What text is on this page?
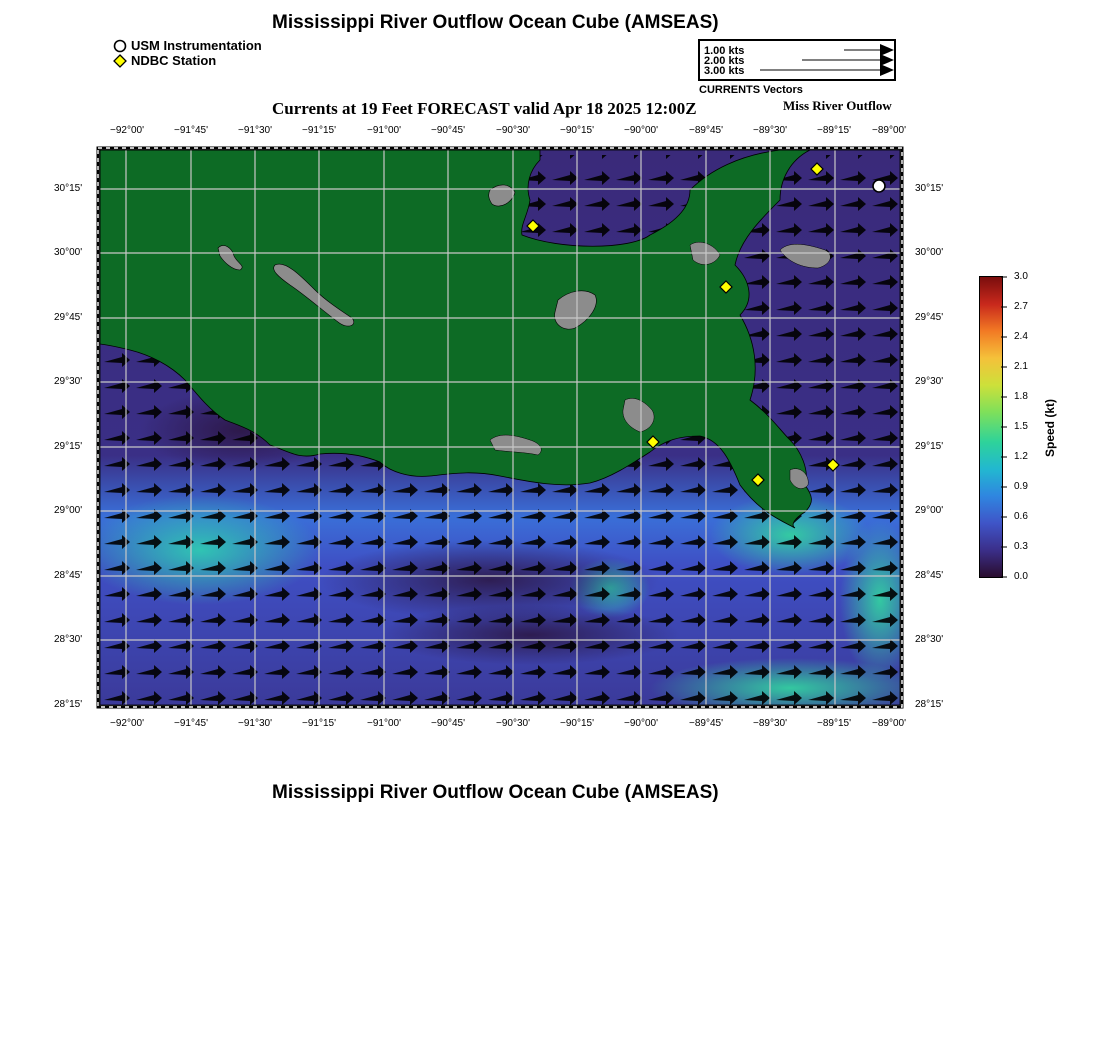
Mississippi River Outflow Ocean Cube (AMSEAS)
USM Instrumentation
NDBC Station
1.00 kts
2.00 kts
3.00 kts
CURRENTS Vectors
Currents at 19 Feet FORECAST valid Apr 18 2025 12:00Z	Miss River Outflow
−92°00'	−91°45'	−91°30'	−91°15'	−91°00'	−90°45'	−90°30'	−90°15'	−90°00'	−89°45'	−89°30'	−89°15' −89°00'
−92°00'	−91°45'	−91°30'	−91°15'	−91°00'	−90°45'	−90°30'	−90°15'	−90°00'	−89°45'	−89°30'	−89°15' −89°00'
30°15'
30°00'
29°45'
29°30'
29°15'
29°00'
28°45'
28°30'
28°15'
30°15'
30°00'
29°45'
29°30'
29°15'
29°00'
28°45'
28°30'
28°15'
3.0
2.7
2.4
2.1
1.8
1.5
1.2
0.9
0.6
0.3
0.0
Speed (kt)
Mississippi River Outflow Ocean Cube (AMSEAS)
